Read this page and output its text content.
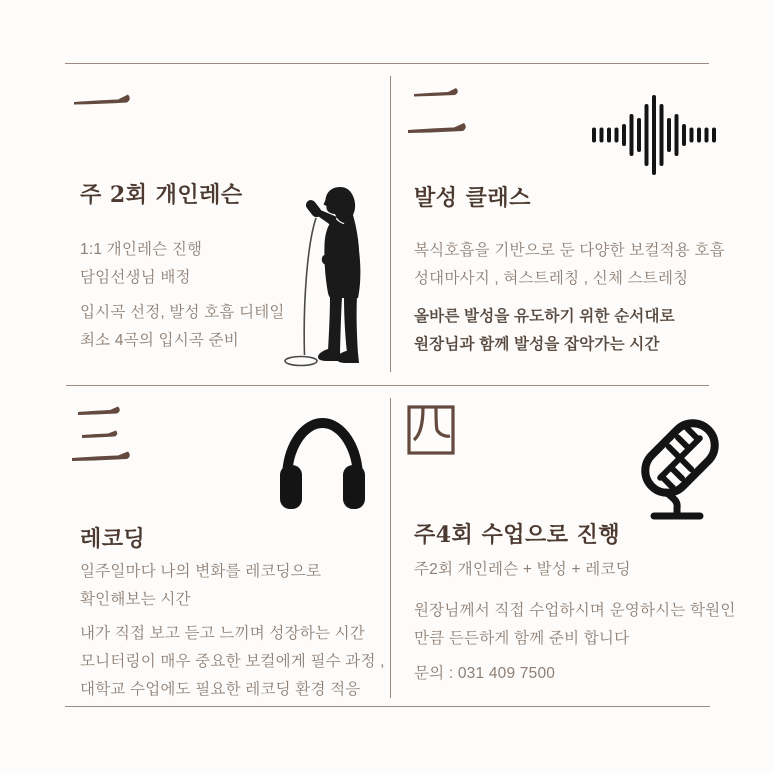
주 2회 개인레슨
1:1 개인레슨 진행
담임선생님 배정
입시곡 선정, 발성 호흡 디테일
최소 4곡의 입시곡 준비
발성 클래스
복식호흡을 기반으로 둔 다양한 보컬적용 호흡
성대마사지 , 혀스트레칭 , 신체 스트레칭
올바른 발성을 유도하기 위한 순서대로
원장님과 함께 발성을 잡악가는 시간
레코딩
일주일마다 나의 변화를 레코딩으로
확인해보는 시간
내가 직접 보고 듣고 느끼며 성장하는 시간
모니터링이 매우 중요한 보컬에게 필수 과정 ,
대학교 수업에도 필요한 레코딩 환경 적응
주4회 수업으로 진행
주2회 개인레슨 + 발성 + 레코딩
원장님께서 직접 수업하시며 운영하시는 학원인
만큼 든든하게 함께 준비 합니다
문의 : 031 409 7500
